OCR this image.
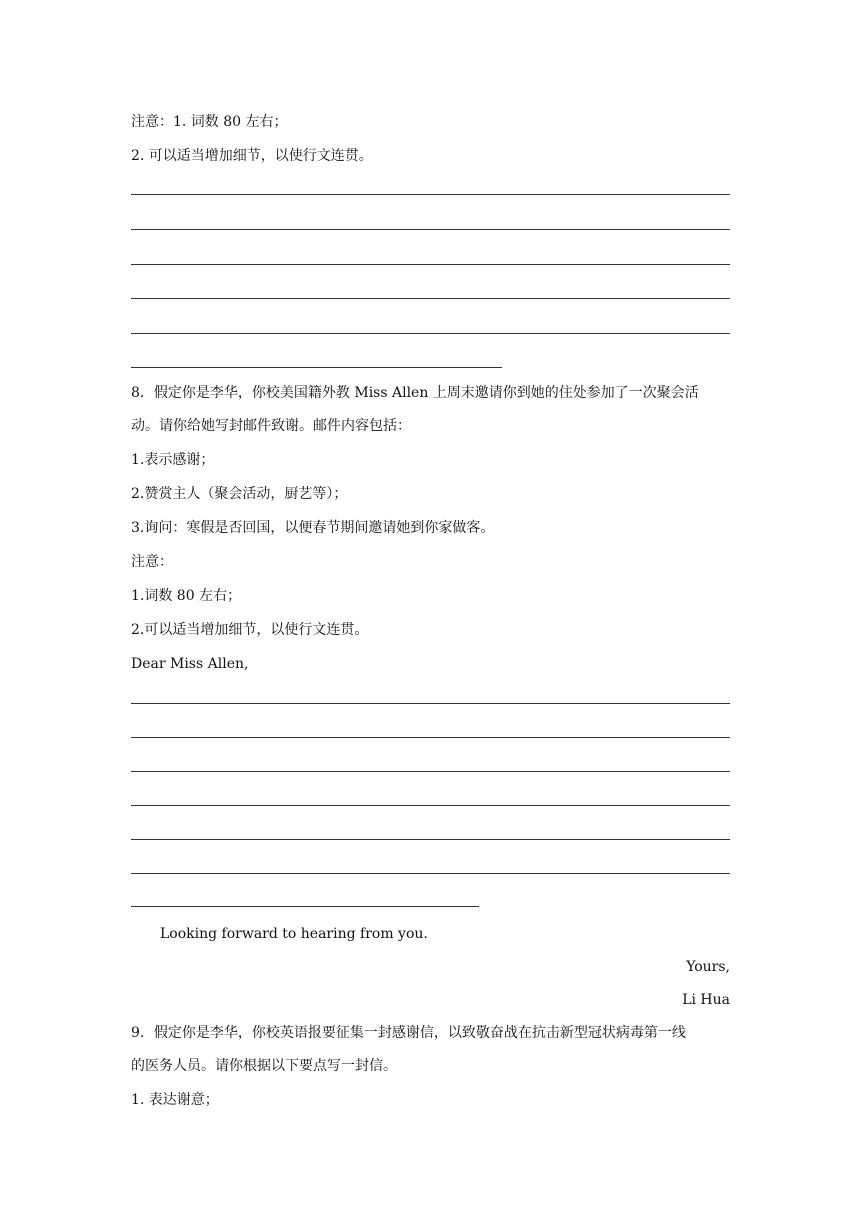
注意：1. 词数 80 左右；
2. 可以适当增加细节，以使行文连贯。
8．假定你是李华，你校美国籍外教 Miss Allen 上周末邀请你到她的住处参加了一次聚会活
动。请你给她写封邮件致谢。邮件内容包括：
1.表示感谢；
2.赞赏主人（聚会活动，厨艺等）；
3.询问：寒假是否回国，以便春节期间邀请她到你家做客。
注意：
1.词数 80 左右；
2.可以适当增加细节，以使行文连贯。
Dear Miss Allen,
Looking forward to hearing from you.
Yours,
Li Hua
9．假定你是李华，你校英语报要征集一封感谢信，以致敬奋战在抗击新型冠状病毒第一线
的医务人员。请你根据以下要点写一封信。
1. 表达谢意；
